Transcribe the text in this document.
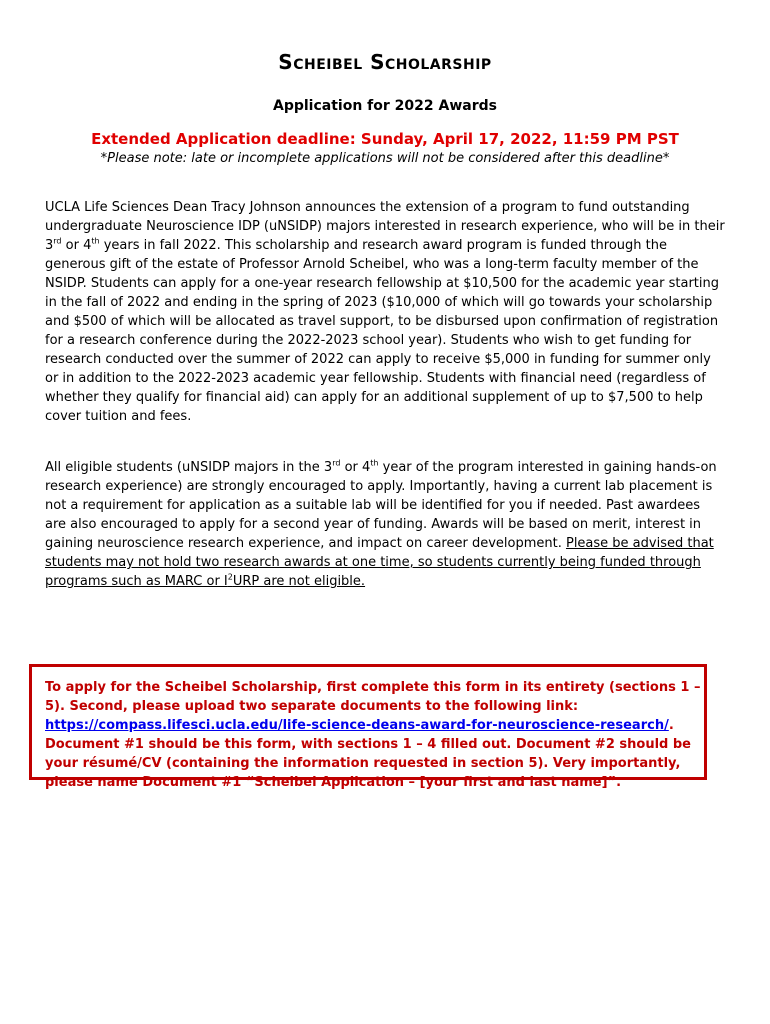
Scheibel Scholarship

Application for 2022 Awards

Extended Application deadline: Sunday, April 17, 2022, 11:59 PM PST

*Please note: late or incomplete applications will not be considered after this deadline*

UCLA Life Sciences Dean Tracy Johnson announces the extension of a program to fund outstanding undergraduate Neuroscience IDP (uNSIDP) majors interested in research experience, who will be in their 3rd or 4th years in fall 2022. This scholarship and research award program is funded through the generous gift of the estate of Professor Arnold Scheibel, who was a long-term faculty member of the NSIDP. Students can apply for a one-year research fellowship at $10,500 for the academic year starting in the fall of 2022 and ending in the spring of 2023 ($10,000 of which will go towards your scholarship and $500 of which will be allocated as travel support, to be disbursed upon confirmation of registration for a research conference during the 2022-2023 school year). Students who wish to get funding for research conducted over the summer of 2022 can apply to receive $5,000 in funding for summer only or in addition to the 2022-2023 academic year fellowship. Students with financial need (regardless of whether they qualify for financial aid) can apply for an additional supplement of up to $7,500 to help cover tuition and fees.

All eligible students (uNSIDP majors in the 3rd or 4th year of the program interested in gaining hands-on research experience) are strongly encouraged to apply. Importantly, having a current lab placement is not a requirement for application as a suitable lab will be identified for you if needed. Past awardees are also encouraged to apply for a second year of funding. Awards will be based on merit, interest in gaining neuroscience research experience, and impact on career development. Please be advised that students may not hold two research awards at one time, so students currently being funded through programs such as MARC or $I^2URP$ are not eligible.

To apply for the Scheibel Scholarship, first complete this form in its entirety (sections 1 – 5). Second, please upload two separate documents to the following link: https://compass.lifesci.ucla.edu/life-science-deans-award-for-neuroscience-research/. Document #1 should be this form, with sections 1 – 4 filled out. Document #2 should be your résumé/CV (containing the information requested in section 5). Very importantly, please name Document #1 “Scheibel Application – [your first and last name]”.
